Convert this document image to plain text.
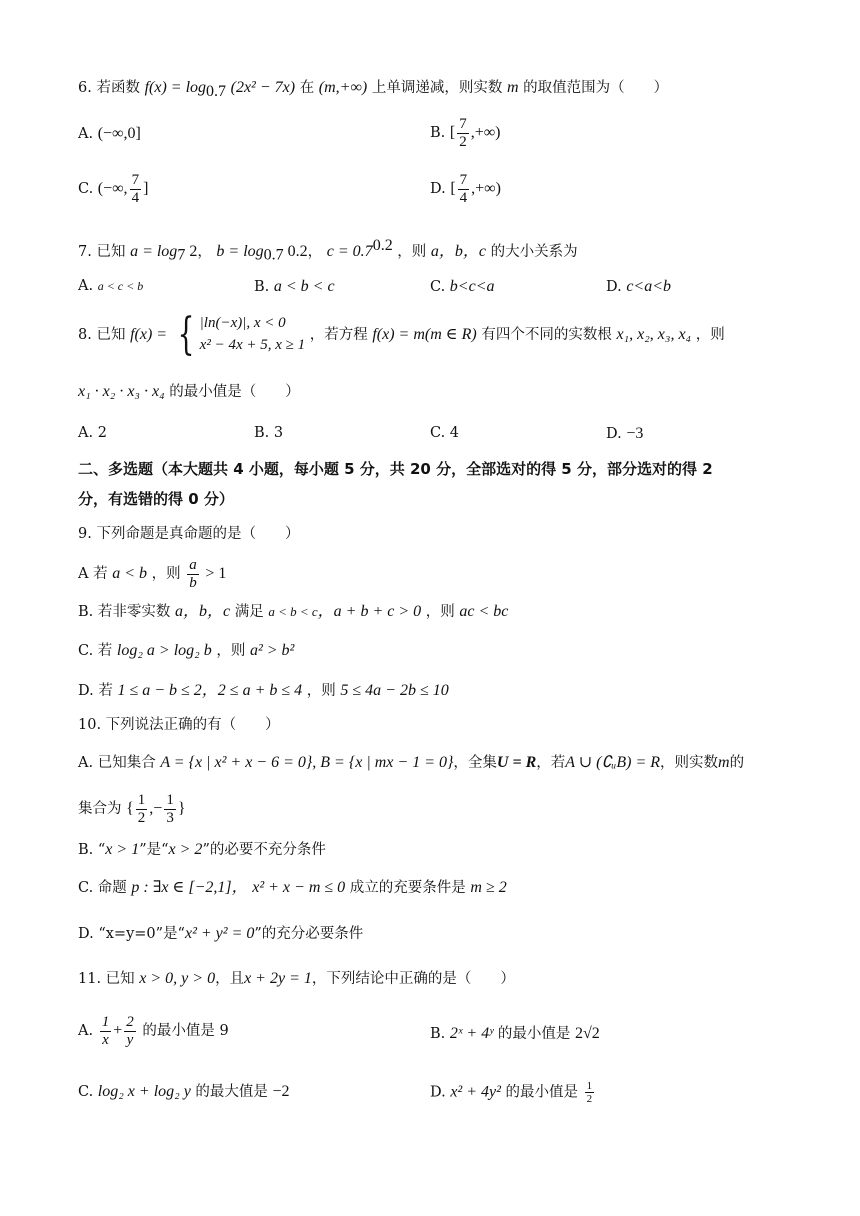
6. 若函数 $f(x) = \log_{0.7} (2x^2 - 7x)$ 在 (m,+∞) 上单调递减，则实数 m 的取值范围为（　　）
A. (−∞,0]	B. [ $\frac{7}{2}$ ,+∞)
C. (−∞, $\frac{7}{4}$ ]	D. [ $\frac{7}{4}$ ,+∞)
7. 已知 $a = \log_7 2$， $b = \log_{0.7} 0.2$， $c = 0.7^{0.2}$ ，则 a，b，c 的大小关系为
A. a < c < b	B. a < b < c	C. b<c<a	D. c<a<b
8. 已知 f(x) = { |ln(−x)|, x < 0
x² − 4x + 5, x ≥ 1
，若方程 f(x) = m(m ∈ R) 有四个不同的实数根 x₁, x₂, x₃, x₄ ，则
x₁ · x₂ · x₃ · x₄ 的最小值是（　　）
A. 2	B. 3	C. 4	D. −3
二、多选题（本大题共 4 小题，每小题 5 分，共 20 分，全部选对的得 5 分，部分选对的得 2
分，有选错的得 0 分）
9. 下列命题是真命题的是（　　）
A 若 a < b ，则 $\frac{a}{b} > 1$
B. 若非零实数 a，b，c 满足 a < b < c，a + b + c > 0 ，则 ac < bc
C. 若 log₂ a > log₂ b ，则 a² > b²
D. 若 1 ≤ a − b ≤ 2，2 ≤ a + b ≤ 4 ，则 5 ≤ 4a − 2b ≤ 10
10. 下列说法正确的有（　　）
A. 已知集合 A = {x | x² + x − 6 = 0}, B = {x | mx − 1 = 0}，全集U = R，若A ∪ (∁ᵤB) = R，则实数m的
集合为 { $\frac{1}{2}$ ,− $\frac{1}{3}$ }
B. “x > 1”是“x > 2”的必要不充分条件
C. 命题 p : ∃x ∈ [−2,1]， x² + x − m ≤ 0 成立的充要条件是 m ≥ 2
D. “x=y=0”是“x² + y² = 0”的充分必要条件
11. 已知 x > 0, y > 0，且x + 2y = 1，下列结论中正确的是（　　）
A. $\frac{1}{x} + \frac{2}{y}$ 的最小值是 9	B. 2ˣ + 4ʸ 的最小值是 2√2
C. log₂ x + log₂ y 的最大值是 −2	D. x² + 4y² 的最小值是 $\frac{1}{2}$
